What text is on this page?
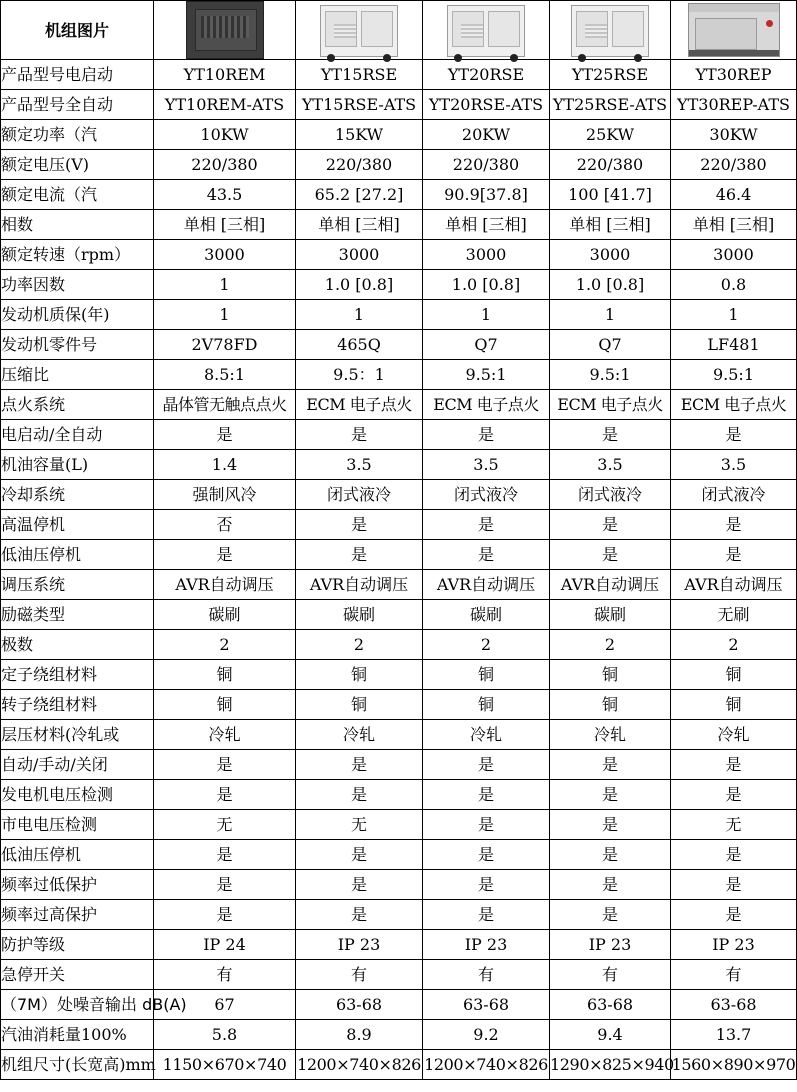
机组图片	

产品型号电启动	YT10REM	YT15RSE	YT20RSE	YT25RSE	YT30REP
产品型号全自动	YT10REM-ATS	YT15RSE-ATS	YT20RSE-ATS	YT25RSE-ATS	YT30REP-ATS
额定功率（汽	10KW	15KW	20KW	25KW	30KW
额定电压(V)	220/380	220/380	220/380	220/380	220/380
额定电流（汽	43.5	65.2 [27.2]	90.9[37.8]	100 [41.7]	46.4
相数	单相 [三相]	单相 [三相]	单相 [三相]	单相 [三相]	单相 [三相]
额定转速（rpm）	3000	3000	3000	3000	3000
功率因数	1	1.0 [0.8]	1.0 [0.8]	1.0 [0.8]	0.8
发动机质保(年)	1	1	1	1	1
发动机零件号	2V78FD	465Q	Q7	Q7	LF481
压缩比	8.5:1	9.5：1	9.5:1	9.5:1	9.5:1
点火系统	晶体管无触点点火	ECM 电子点火	ECM 电子点火	ECM 电子点火	ECM 电子点火
电启动/全自动	是	是	是	是	是
机油容量(L)	1.4	3.5	3.5	3.5	3.5
冷却系统	强制风冷	闭式液冷	闭式液冷	闭式液冷	闭式液冷
高温停机	否	是	是	是	是
低油压停机	是	是	是	是	是
调压系统	AVR自动调压	AVR自动调压	AVR自动调压	AVR自动调压	AVR自动调压
励磁类型	碳刷	碳刷	碳刷	碳刷	无刷
极数	2	2	2	2	2
定子绕组材料	铜	铜	铜	铜	铜
转子绕组材料	铜	铜	铜	铜	铜
层压材料(冷轧或	冷轧	冷轧	冷轧	冷轧	冷轧
自动/手动/关闭	是	是	是	是	是
发电机电压检测	是	是	是	是	是
市电电压检测	无	无	是	是	无
低油压停机	是	是	是	是	是
频率过低保护	是	是	是	是	是
频率过高保护	是	是	是	是	是
防护等级	IP 24	IP 23	IP 23	IP 23	IP 23
急停开关	有	有	有	有	有
（7M）处噪音输出 dB(A)	67	63-68	63-68	63-68	63-68
汽油消耗量100%	5.8	8.9	9.2	9.4	13.7
机组尺寸(长宽高)mm	1150×670×740	1200×740×826	1200×740×826	1290×825×940	1560×890×970
